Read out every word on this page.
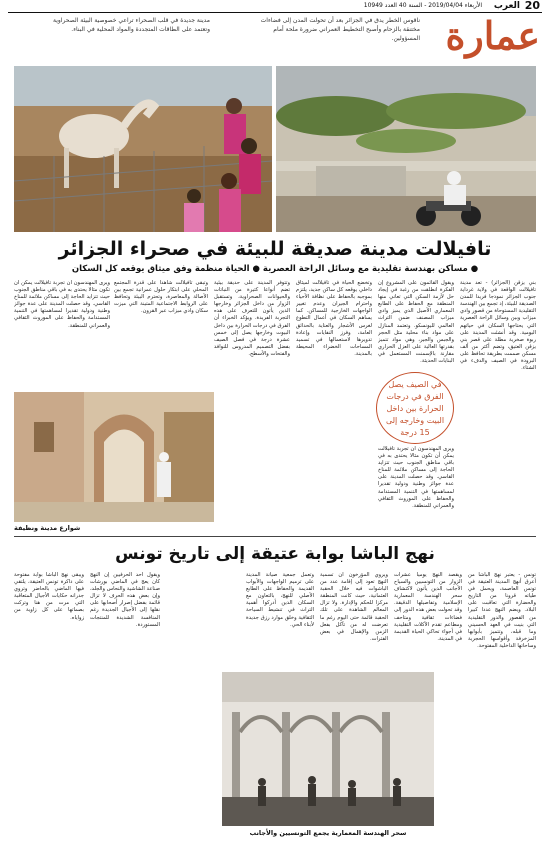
20
العرب
الأربعاء 2019/04/04 - السنة 40 العدد 10949
عمارة
ناقوس الخطر يدق في الجزائر بعد أن تحولت المدن إلى فضاءات مختنقة بالزحام وأصبح التخطيط العمراني ضرورة ملحة أمام المسؤولين.
مدينة جديدة في قلب الصحراء تراعي خصوصية البيئة الصحراوية وتعتمد على الطاقات المتجددة والمواد المحلية في البناء.
تافيلالت مدينة صديقة للبيئة في صحراء الجزائر
● مساكن بهندسة تقليدية مع وسائل الراحة العصرية ● الحياة منظمة وفق ميثاق يوقعه كل السكان
بني يزقن (الجزائر) - تعد مدينة تافيلالت الواقعة في ولاية غرداية جنوب الجزائر نموذجا فريدا للمدن الصديقة للبيئة، إذ تجمع بين الهندسة التقليدية المستوحاة من قصور وادي ميزاب وبين وسائل الراحة العصرية التي يحتاجها السكان في حياتهم اليومية. وقد أنشئت المدينة على ربوة صخرية مطلة على قصر بني يزقن العتيق، وتضم أكثر من ألف مسكن صممت بطريقة تحافظ على البرودة في الصيف والدفء في الشتاء.
ويقول القائمون على المشروع إن الفكرة انطلقت من رغبة في إيجاد حل لأزمة السكن التي تعاني منها المنطقة مع الحفاظ على الطابع المعماري الأصيل الذي يميز وادي ميزاب المصنف ضمن التراث العالمي لليونسكو. وتعتمد المنازل على مواد بناء محلية مثل الحجر والجبس والجير، وهي مواد تتميز بقدرتها العالية على العزل الحراري مقارنة بالإسمنت المستعمل في البنايات الحديثة.
ويرى المهندسون أن تجربة تافيلالت يمكن أن تكون مثالا يحتذى به في باقي مناطق الجنوب حيث تتزايد الحاجة إلى مساكن ملائمة للمناخ القاسي. وقد حصلت المدينة على عدة جوائز وطنية ودولية تقديرا لمساهمتها في التنمية المستدامة والحفاظ على الموروث الثقافي والعمراني للمنطقة.
وتخضع الحياة في تافيلالت لميثاق داخلي يوقعه كل ساكن جديد، يلتزم بموجبه بالحفاظ على نظافة الأحياء واحترام الجيران وعدم تغيير الواجهات الخارجية للمساكن. كما يساهم السكان في أعمال التطوع لغرس الأشجار والعناية بالحدائق العامة، وفرز النفايات وإعادة تدويرها لاستعمالها في تسميد المساحات الخضراء المحيطة بالمدينة.
وتتوفر المدينة على حديقة بيئية تضم أنواعا كثيرة من النباتات والحيوانات الصحراوية، وتستقبل الزوار من داخل الجزائر وخارجها الذين يأتون للتعرف على هذه التجربة الفريدة. ويؤكد الخبراء أن الفرق في درجات الحرارة بين داخل البيوت وخارجها يصل إلى خمس عشرة درجة في فصل الصيف بفضل التصميم المدروس للنوافذ والفتحات والأسطح.
وتبقى تافيلالت شاهدا على قدرة المجتمع المحلي على ابتكار حلول عمرانية تجمع بين الأصالة والمعاصرة، وتحترم البيئة وتحافظ على الروابط الاجتماعية المتينة التي ميزت سكان وادي ميزاب عبر القرون.
ويرى المهندسون أن تجربة تافيلالت يمكن أن تكون مثالا يحتذى به في باقي مناطق الجنوب حيث تتزايد الحاجة إلى مساكن ملائمة للمناخ القاسي. وقد حصلت المدينة على عدة جوائز وطنية ودولية تقديرا لمساهمتها في التنمية المستدامة والحفاظ على الموروث الثقافي والعمراني للمنطقة.
في الصيف يصل الفرق في درجات الحرارة بين داخل البيت وخارجه إلى 15 درجة
شوارع مدينة ونظيفة
نهج الباشا بوابة عتيقة إلى تاريخ تونس
تونس - يعتبر نهج الباشا من أعرق أنهج المدينة العتيقة في تونس العاصمة، ويحمل في طياته قرونا من التاريخ والحضارة التي تعاقبت على البلاد. ويضم النهج عددا كبيرا من القصور والدور التقليدية التي بنيت في العهد الحسيني وما قبله، وتتميز بأبوابها المزخرفة وأقواسها الحجرية وساحاتها الداخلية المفتوحة.
ويقصد النهج يوميا عشرات الزوار من التونسيين والسياح الأجانب الذين يأتون لاكتشاف سحر الهندسة المعمارية الإسلامية وتفاصيلها الدقيقة. وقد تحولت بعض هذه الدور إلى فضاءات ثقافية ومتاحف ومطاعم تقدم الأكلات التقليدية في أجواء تحاكي الحياة القديمة في المدينة.
ويروي المؤرخون أن تسمية النهج تعود إلى إقامة عدد من الباشوات فيه خلال الحقبة العثمانية، حيث كانت المنطقة مركزا للحكم والإدارة. ولا تزال المعالم الشاهدة على تلك الحقبة قائمة حتى اليوم رغم ما تعرضت له من تآكل بفعل الزمن والإهمال في بعض الفترات.
وتعمل جمعية صيانة المدينة على ترميم الواجهات والأبواب القديمة والحفاظ على الطابع الأصلي للنهج، بالتعاون مع السكان الذين أدركوا أهمية التراث في تنشيط السياحة الثقافية وخلق موارد رزق جديدة لأبناء الحي.
ويبقى نهج الباشا بوابة مفتوحة على ذاكرة تونس العتيقة، يلتقي فيها الماضي بالحاضر وتروي جدرانه حكايات الأجيال المتعاقبة التي مرت من هنا وتركت بصماتها على كل زاوية من زواياه.
ويقول أحد الحرفيين إن النهج كان يعج في الماضي بورشات صناعة الشاشية والنحاس والجلد، وإن بعض هذه الحرف لا تزال قائمة بفضل إصرار أصحابها على نقلها إلى الأجيال الجديدة رغم المنافسة الشديدة للمنتجات المستوردة.
سحر الهندسة المعمارية يجمع التونسيين والأجانب
